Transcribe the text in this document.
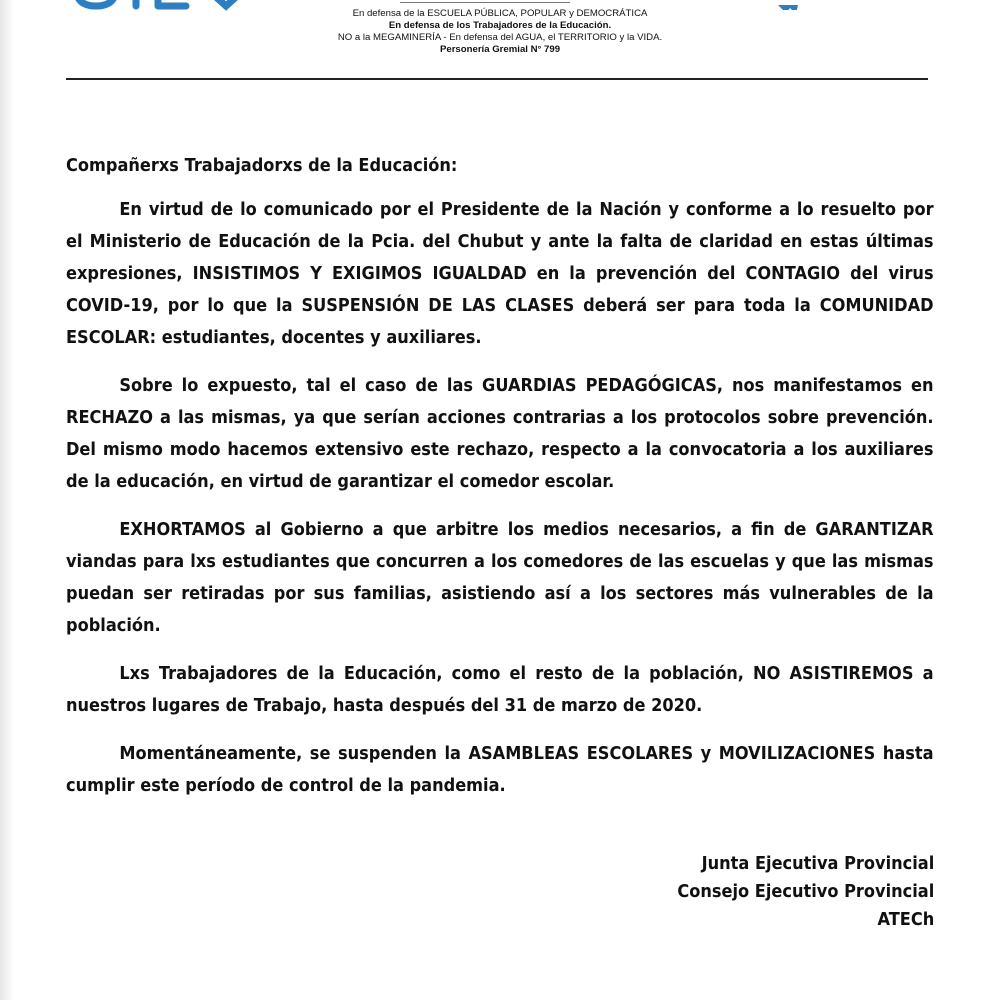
En defensa de la ESCUELA PÚBLICA, POPULAR y DEMOCRÁTICA
En defensa de los Trabajadores de la Educación.
NO a la MEGAMINERÍA - En defensa del AGUA, el TERRITORIO y la VIDA.
Personería Gremial N° 799

Compañerxs Trabajadorxs de la Educación:

En virtud de lo comunicado por el Presidente de la Nación y conforme a lo resuelto por el Ministerio de Educación de la Pcia. del Chubut y ante la falta de claridad en estas últimas expresiones, INSISTIMOS Y EXIGIMOS IGUALDAD en la prevención del CONTAGIO del virus COVID-19, por lo que la SUSPENSIÓN DE LAS CLASES deberá ser para toda la COMUNIDAD ESCOLAR: estudiantes, docentes y auxiliares.

Sobre lo expuesto, tal el caso de las GUARDIAS PEDAGÓGICAS, nos manifestamos en RECHAZO a las mismas, ya que serían acciones contrarias a los protocolos sobre prevención. Del mismo modo hacemos extensivo este rechazo, respecto a la convocatoria a los auxiliares de la educación, en virtud de garantizar el comedor escolar.

EXHORTAMOS al Gobierno a que arbitre los medios necesarios, a fin de GARANTIZAR viandas para lxs estudiantes que concurren a los comedores de las escuelas y que las mismas puedan ser retiradas por sus familias, asistiendo así a los sectores más vulnerables de la población.

Lxs Trabajadores de la Educación, como el resto de la población, NO ASISTIREMOS a nuestros lugares de Trabajo, hasta después del 31 de marzo de 2020.

Momentáneamente, se suspenden la ASAMBLEAS ESCOLARES y MOVILIZACIONES hasta cumplir este período de control de la pandemia.

Junta Ejecutiva Provincial
Consejo Ejecutivo Provincial
ATECh
